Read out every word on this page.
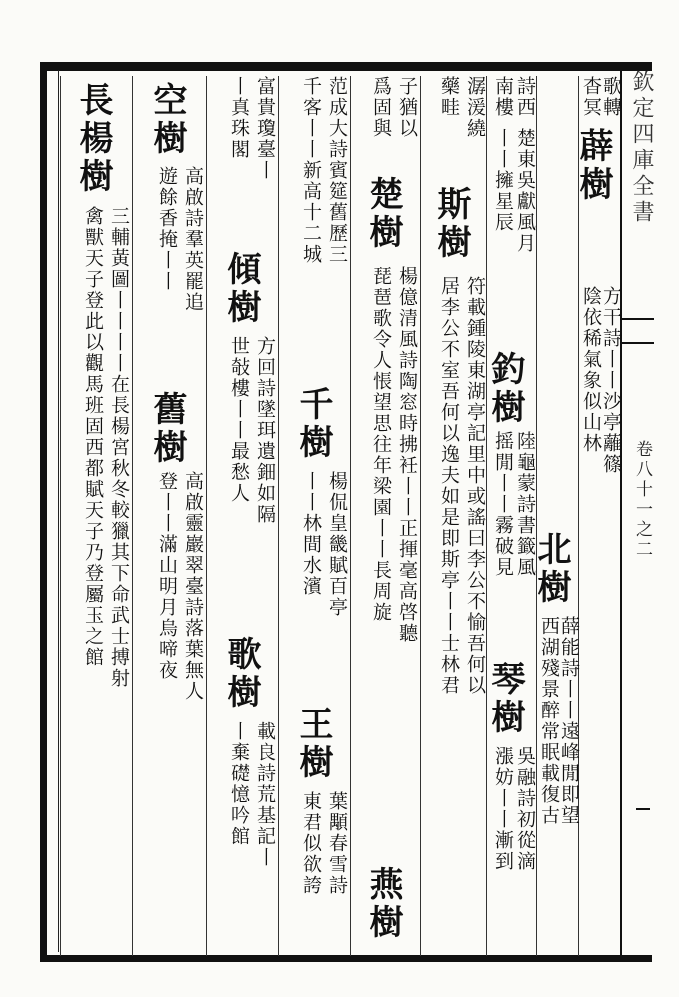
欽定四庫全書
卷八十一之二
歌轉
杳冥
薜樹
方干詩丨丨沙亭蘺篠
陰依稀氣象似山林
北樹
薛能詩丨丨遠峰閒即望
西湖殘景醉常眠載復古
詩西
南樓
楚東吳獻風月
丨丨擁星辰
釣樹
陸龜蒙詩書籤風
摇閒丨丨霧破見
琴樹
吳融詩初從滴
漲妨丨丨漸到
潺湲繞
藥畦
斯樹
符載鍾陵東湖亭記里中或謠曰李公不愉吾何以
居李公不室吾何以逸夫如是即斯亭丨丨士林君
子猶以
爲固與
楚樹
楊億清風詩陶窓時拂衽丨丨正揮毫高啓聽
琵琶歌令人悵望思往年梁園丨丨長周旋
燕樹
范成大詩賓筵舊歷三
千客丨丨新高十二城
千樹
楊侃皇畿賦百亭
丨丨林間水濱
王樹
葉顒春雪詩
東君似欲誇
富貴瓊臺丨
丨真珠閣
傾樹
方回詩墜珥遺鈿如隔
世敧樓丨丨最愁人
歌樹
載良詩荒基記丨
丨棄礎憶吟館
空樹
高啟詩羣英罷追
遊餘香掩丨丨
舊樹
高啟靈巖翠臺詩落葉無人
登丨丨滿山明月烏啼夜
長楊樹
三輔黃圖丨丨丨丨在長楊宮秋冬較獵其下命武士搏射
禽獸天子登此以觀馬班固西都賦天子乃登屬玉之館
